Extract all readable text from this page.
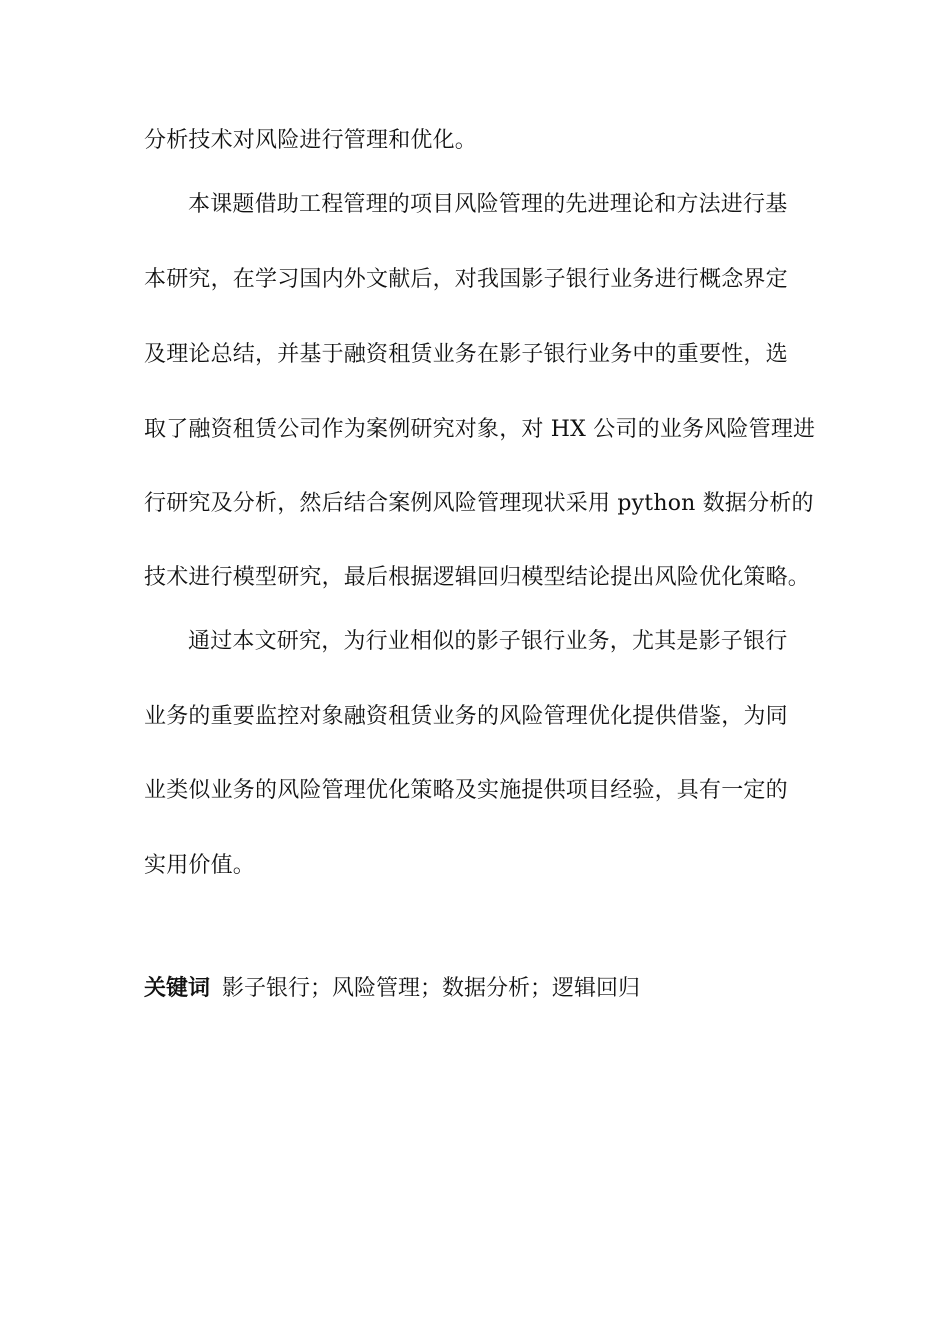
分析技术对风险进行管理和优化。
本课题借助工程管理的项目风险管理的先进理论和方法进行基
本研究，在学习国内外文献后，对我国影子银行业务进行概念界定
及理论总结，并基于融资租赁业务在影子银行业务中的重要性，选
取了融资租赁公司作为案例研究对象，对 HX 公司的业务风险管理进
行研究及分析，然后结合案例风险管理现状采用 python 数据分析的
技术进行模型研究，最后根据逻辑回归模型结论提出风险优化策略。
通过本文研究，为行业相似的影子银行业务，尤其是影子银行
业务的重要监控对象融资租赁业务的风险管理优化提供借鉴，为同
业类似业务的风险管理优化策略及实施提供项目经验，具有一定的
实用价值。
关键词 影子银行；风险管理；数据分析；逻辑回归
